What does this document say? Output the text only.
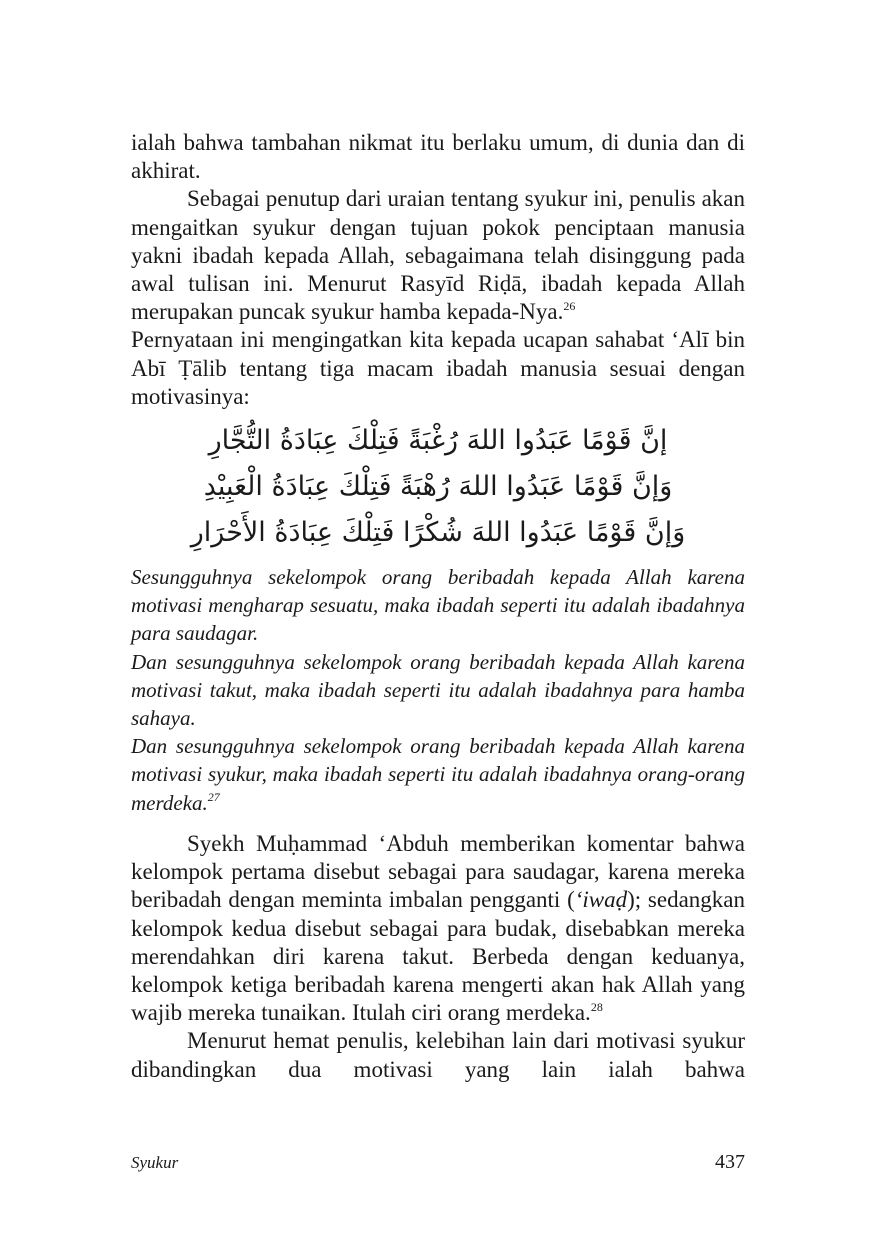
ialah bahwa tambahan nikmat itu berlaku umum, di dunia dan di akhirat.

Sebagai penutup dari uraian tentang syukur ini, penulis akan mengaitkan syukur dengan tujuan pokok penciptaan manusia yakni ibadah kepada Allah, sebagaimana telah disinggung pada awal tulisan ini. Menurut Rasyīd Riḍā, ibadah kepada Allah merupakan puncak syukur hamba kepada-Nya.$^{26}$

Pernyataan ini mengingatkan kita kepada ucapan sahabat ‘Alī bin Abī Ṭālib tentang tiga macam ibadah manusia sesuai dengan motivasinya:

إنَّ قَوْمًا عَبَدُوا اللهَ رُغْبَةً فَتِلْكَ عِبَادَةُ التُّجَّارِ
وَإنَّ قَوْمًا عَبَدُوا اللهَ رُهْبَةً فَتِلْكَ عِبَادَةُ الْعَبِيْدِ
وَإنَّ قَوْمًا عَبَدُوا اللهَ شُكْرًا فَتِلْكَ عِبَادَةُ الأَحْرَارِ

Sesungguhnya sekelompok orang beribadah kepada Allah karena motivasi mengharap sesuatu, maka ibadah seperti itu adalah ibadahnya para saudagar.

Dan sesungguhnya sekelompok orang beribadah kepada Allah karena motivasi takut, maka ibadah seperti itu adalah ibadahnya para hamba sahaya.

Dan sesungguhnya sekelompok orang beribadah kepada Allah karena motivasi syukur, maka ibadah seperti itu adalah ibadahnya orang-orang merdeka.$^{27}$

Syekh Muḥammad ‘Abduh memberikan komentar bahwa kelompok pertama disebut sebagai para saudagar, karena mereka beribadah dengan meminta imbalan pengganti (‘iwaḍ); sedangkan kelompok kedua disebut sebagai para budak, disebabkan mereka merendahkan diri karena takut. Berbeda dengan keduanya, kelompok ketiga beribadah karena mengerti akan hak Allah yang wajib mereka tunaikan. Itulah ciri orang merdeka.$^{28}$

Menurut hemat penulis, kelebihan lain dari motivasi syukur dibandingkan dua motivasi yang lain ialah bahwa

Syukur	437
